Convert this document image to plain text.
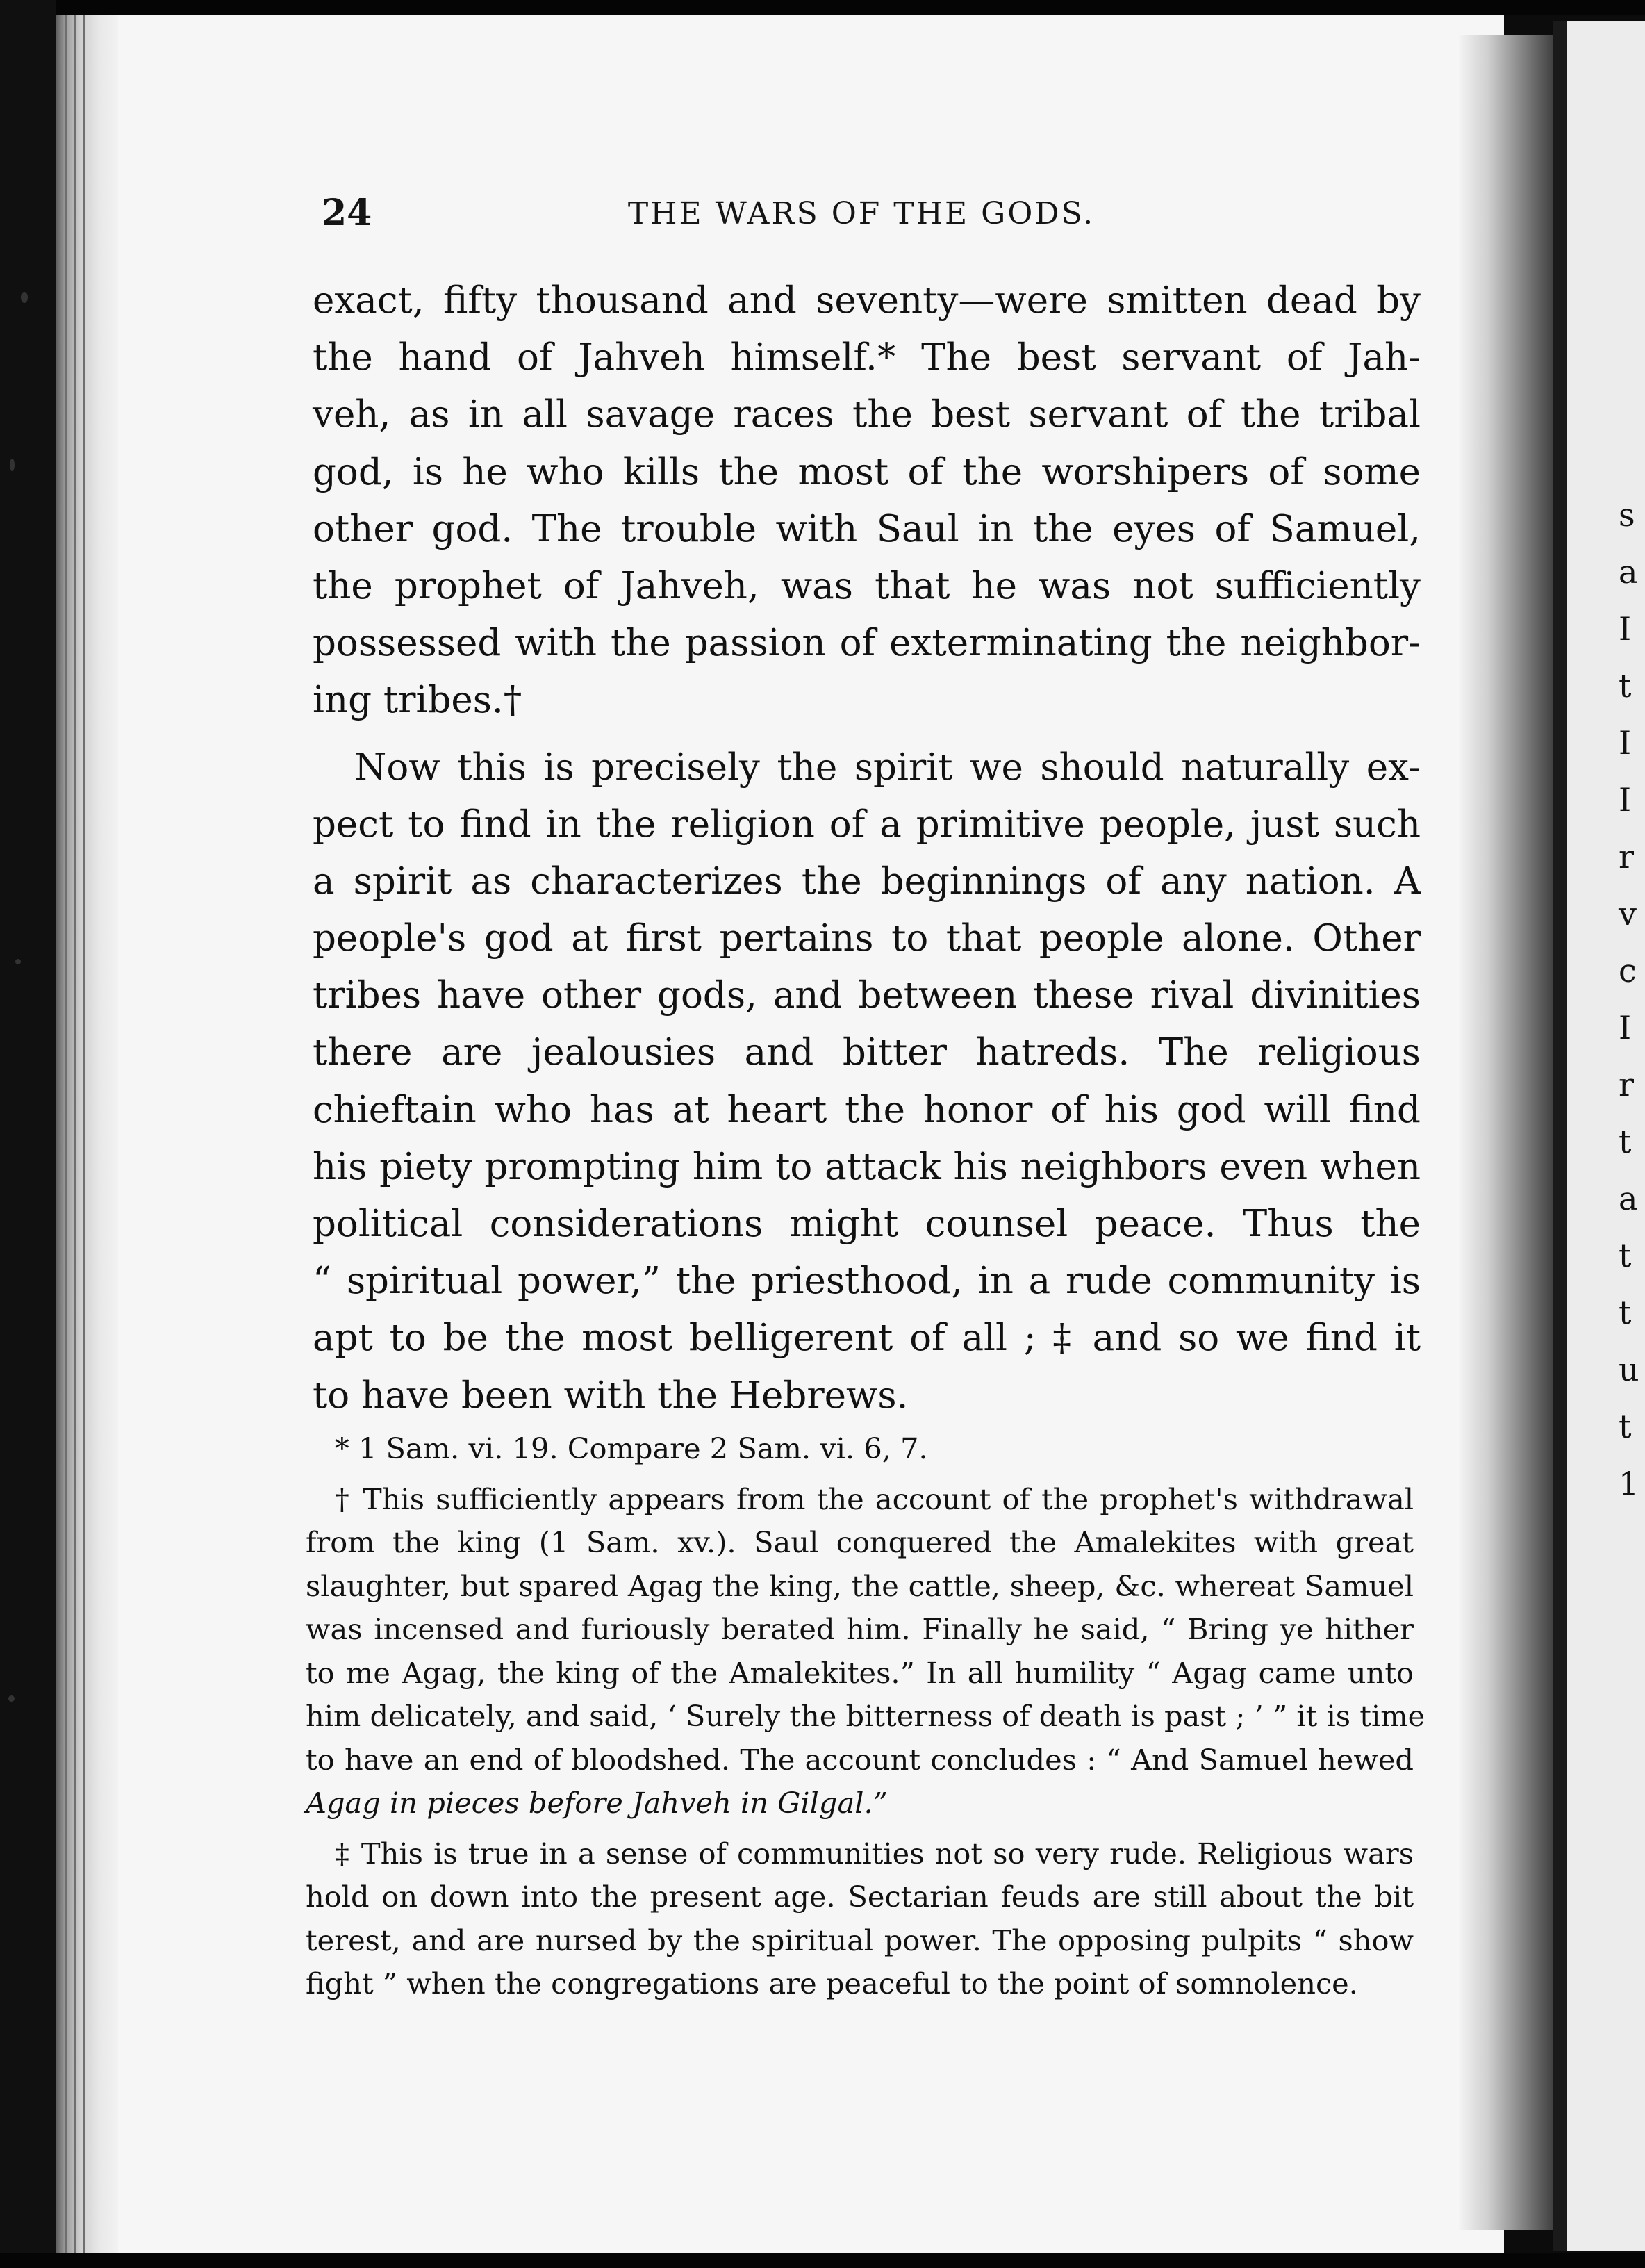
24	THE WARS OF THE GODS.
exact, fifty thousand and seventy—were smitten dead by
the hand of Jahveh himself.* The best servant of Jah-
veh, as in all savage races the best servant of the tribal
god, is he who kills the most of the worshipers of some
other god. The trouble with Saul in the eyes of Samuel,
the prophet of Jahveh, was that he was not sufficiently
possessed with the passion of exterminating the neighbor-
ing tribes.†
Now this is precisely the spirit we should naturally ex-
pect to find in the religion of a primitive people, just such
a spirit as characterizes the beginnings of any nation. A
people's god at first pertains to that people alone. Other
tribes have other gods, and between these rival divinities
there are jealousies and bitter hatreds. The religious
chieftain who has at heart the honor of his god will find
his piety prompting him to attack his neighbors even when
political considerations might counsel peace. Thus the
“ spiritual power,” the priesthood, in a rude community is
apt to be the most belligerent of all ; ‡ and so we find it
to have been with the Hebrews.
* 1 Sam. vi. 19. Compare 2 Sam. vi. 6, 7.
† This sufficiently appears from the account of the prophet's withdrawal
from the king (1 Sam. xv.). Saul conquered the Amalekites with great
slaughter, but spared Agag the king, the cattle, sheep, &c. whereat Samuel
was incensed and furiously berated him. Finally he said, “ Bring ye hither
to me Agag, the king of the Amalekites.” In all humility “ Agag came unto
him delicately, and said, ‘ Surely the bitterness of death is past ; ’ ” it is time
to have an end of bloodshed. The account concludes : “ And Samuel hewed
Agag in pieces before Jahveh in Gilgal.”
‡ This is true in a sense of communities not so very rude. Religious wars
hold on down into the present age. Sectarian feuds are still about the bit
terest, and are nursed by the spiritual power. The opposing pulpits “ show
fight ” when the congregations are peaceful to the point of somnolence.
s
a
I
t
I
I
r
v
c
I
r
t
a
t
t
u
t
1
